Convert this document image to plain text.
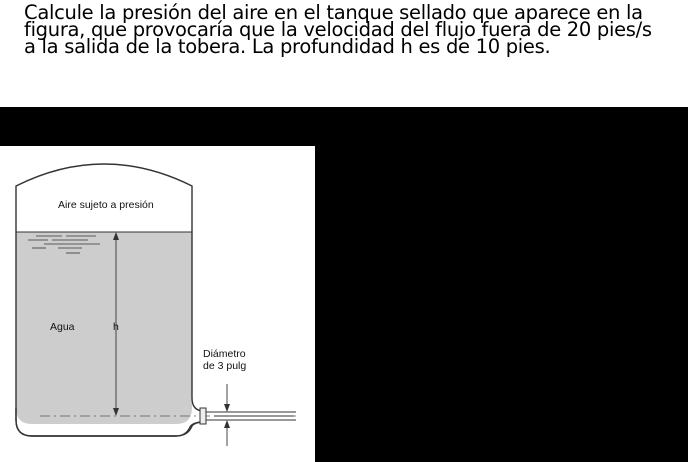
Calcule la presión del aire en el tanque sellado que aparece en la
figura, que provocaría que la velocidad del flujo fuera de 20 pies/s
a la salida de la tobera. La profundidad h es de 10 pies.
Aire sujeto a presión
Agua	h
Diámetro
de 3 pulg
